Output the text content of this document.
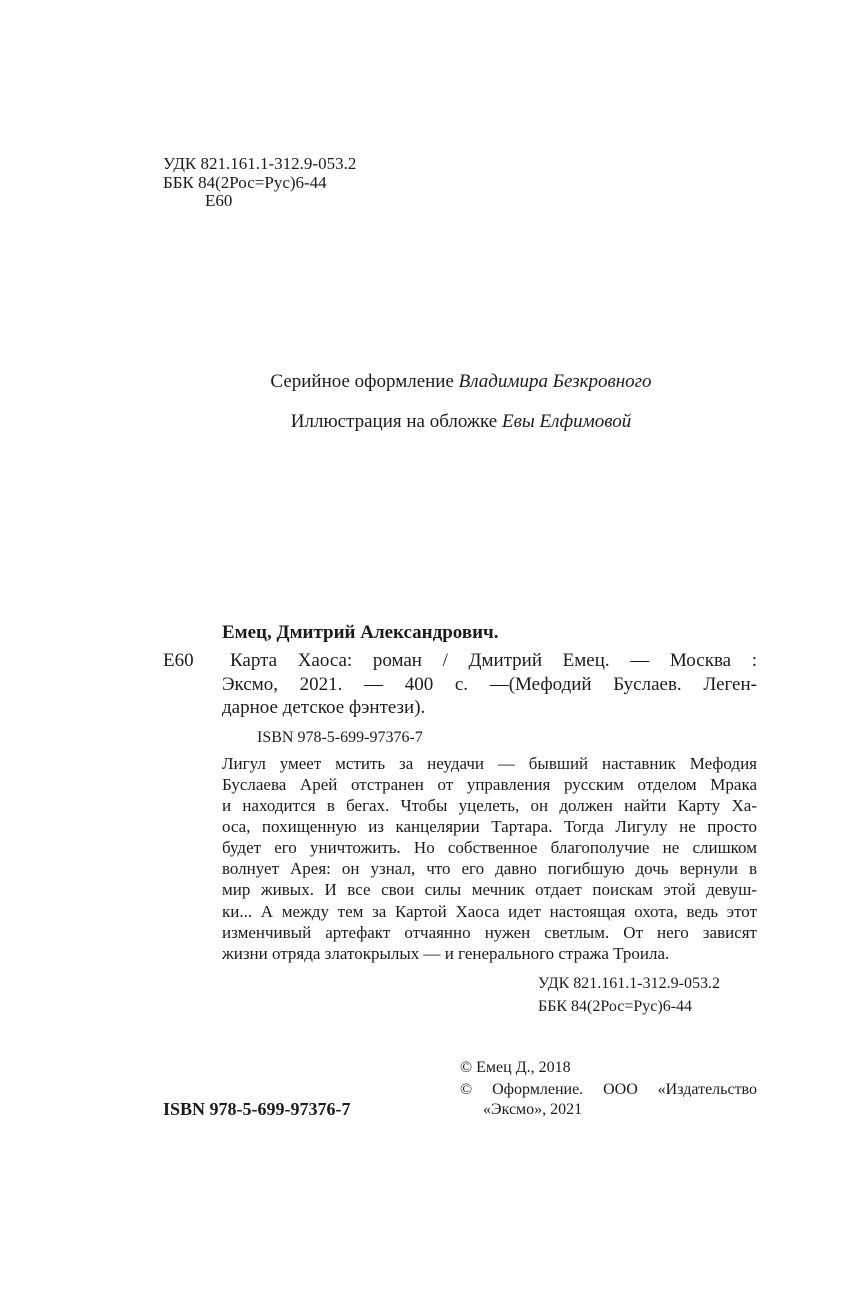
УДК 821.161.1-312.9-053.2
ББК 84(2Рос=Рус)6-44
Е60
Серийное оформление Владимира Безкровного
Иллюстрация на обложке Евы Елфимовой
Емец, Дмитрий Александрович.
Е60	Карта Хаоса: роман / Дмитрий Емец. — Москва :
Эксмо, 2021. — 400 с. —(Мефодий Буслаев. Леген-
дарное детское фэнтези).
ISBN 978-5-699-97376-7
Лигул умеет мстить за неудачи — бывший наставник Мефодия
Буслаева Арей отстранен от управления русским отделом Мрака
и находится в бегах. Чтобы уцелеть, он должен найти Карту Ха-
оса, похищенную из канцелярии Тартара. Тогда Лигулу не просто
будет его уничтожить. Но собственное благополучие не слишком
волнует Арея: он узнал, что его давно погибшую дочь вернули в
мир живых. И все свои силы мечник отдает поискам этой девуш-
ки... А между тем за Картой Хаоса идет настоящая охота, ведь этот
изменчивый артефакт отчаянно нужен светлым. От него зависят
жизни отряда златокрылых — и генерального стража Троила.
УДК 821.161.1-312.9-053.2
ББК 84(2Рос=Рус)6-44
© Емец Д., 2018
© Оформление. ООО «Издательство
«Эксмо», 2021
ISBN 978-5-699-97376-7
